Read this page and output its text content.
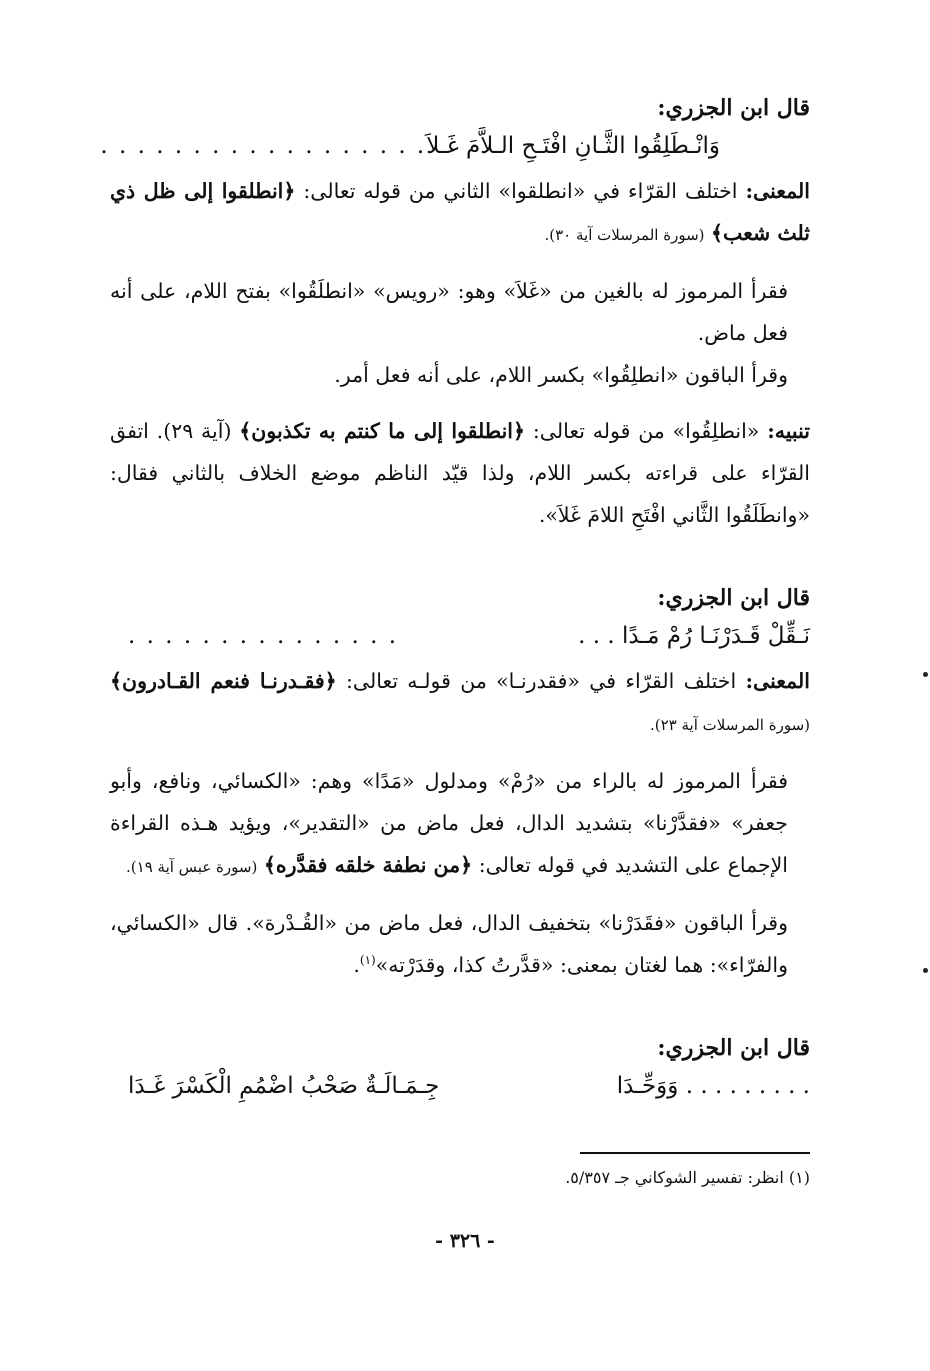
قال ابن الجزري:

وَانْـطَلِقُوا الثَّـانِ افْتَـحِ الـلاَّمَ غَـلاَ
. . . . . . . . . . . . . . . . . .

المعنى: اختلف القرّاء في «انطلقوا» الثاني من قوله تعالى: ﴿انطلقوا إلى ظل ذي ثلث شعب﴾ (سورة المرسلات آية ٣٠).

فقرأ المرموز له بالغين من «غَلاَ» وهو: «رويس» «انطلَقُوا» بفتح اللام، على أنه فعل ماض.

وقرأ الباقون «انطلِقُوا» بكسر اللام، على أنه فعل أمر.

تنبيه: «انطلِقُوا» من قوله تعالى: ﴿انطلقوا إلى ما كنتم به تكذبون﴾ (آية ٢٩). اتفق القرّاء على قراءته بكسر اللام، ولذا قيّد الناظم موضع الخلاف بالثاني فقال: «وانطَلَقُوا الثَّاني افْتَحِ اللامَ غَلاَ».

قال ابن الجزري:

نَـقِّلْ قَـدَرْنَـا رُمْ مَـدًا . . .
. . . . . . . . . . . . . . .

المعنى: اختلف القرّاء في «فقدرنـا» من قولـه تعالى: ﴿فقـدرنـا فنعم القـادرون﴾ (سورة المرسلات آية ٢٣).

فقرأ المرموز له بالراء من «رُمْ» ومدلول «مَدًا» وهم: «الكسائي، ونافع، وأبو جعفر» «فقدَّرْنا» بتشديد الدال، فعل ماض من «التقدير»، ويؤيد هـذه القراءة الإجماع على التشديد في قوله تعالى: ﴿من نطفة خلقه فقدَّره﴾ (سورة عبس آية ١٩).

وقرأ الباقون «فقَدَرْنا» بتخفيف الدال، فعل ماض من «القُـدْرة». قال «الكسائي، والفرّاء»: هما لغتان بمعنى: «قدَّرتُ كذا، وقدَرْته»$^{(١)}$.

قال ابن الجزري:

. . . . . . . . . وَوَحِّـدَا
جِـمَـالَـةٌ صَحْبُ اضْمُمِ الْكَسْرَ غَـدَا
(١) انظر: تفسير الشوكاني جـ ٥/٣٥٧.
- ٣٢٦ -
